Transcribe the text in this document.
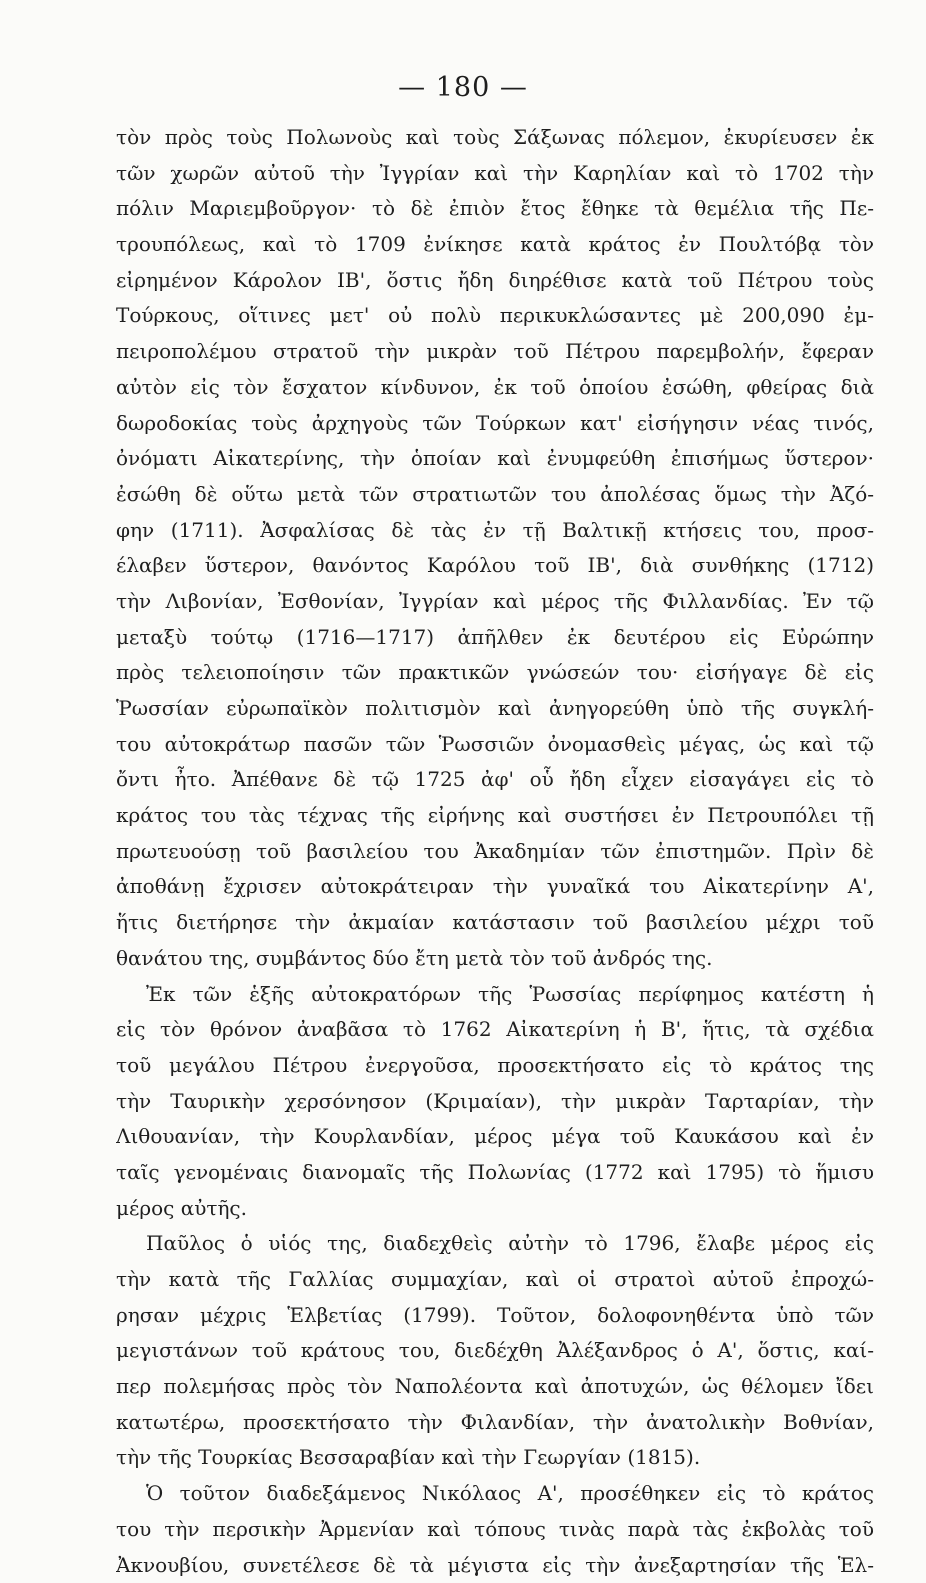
— 180 —
τὸν πρὸς τοὺς Πολωνοὺς καὶ τοὺς Σάξωνας πόλεμον, ἐκυρίευσεν ἐκ
τῶν χωρῶν αὐτοῦ τὴν Ἰγγρίαν καὶ τὴν Καρηλίαν καὶ τὸ 1702 τὴν
πόλιν Μαριεμβοῦργον· τὸ δὲ ἐπιὸν ἔτος ἔθηκε τὰ θεμέλια τῆς Πε-
τρουπόλεως, καὶ τὸ 1709 ἐνίκησε κατὰ κράτος ἐν Πουλτόβᾳ τὸν
εἰρημένον Κάρολον ΙΒ', ὅστις ἤδη διηρέθισε κατὰ τοῦ Πέτρου τοὺς
Τούρκους, οἵτινες μετ' οὐ πολὺ περικυκλώσαντες μὲ 200,090 ἐμ-
πειροπολέμου στρατοῦ τὴν μικρὰν τοῦ Πέτρου παρεμβολήν, ἔφεραν
αὐτὸν εἰς τὸν ἔσχατον κίνδυνον, ἐκ τοῦ ὁποίου ἐσώθη, φθείρας διὰ
δωροδοκίας τοὺς ἀρχηγοὺς τῶν Τούρκων κατ' εἰσήγησιν νέας τινός,
ὀνόματι Αἰκατερίνης, τὴν ὁποίαν καὶ ἐνυμφεύθη ἐπισήμως ὕστερον·
ἐσώθη δὲ οὕτω μετὰ τῶν στρατιωτῶν του ἀπολέσας ὅμως τὴν Ἀζό-
φην (1711). Ἀσφαλίσας δὲ τὰς ἐν τῇ Βαλτικῇ κτήσεις του, προσ-
έλαβεν ὕστερον, θανόντος Καρόλου τοῦ ΙΒ', διὰ συνθήκης (1712)
τὴν Λιβονίαν, Ἐσθονίαν, Ἰγγρίαν καὶ μέρος τῆς Φιλλανδίας. Ἐν τῷ
μεταξὺ τούτῳ (1716—1717) ἀπῆλθεν ἐκ δευτέρου εἰς Εὐρώπην
πρὸς τελειοποίησιν τῶν πρακτικῶν γνώσεών του· εἰσήγαγε δὲ εἰς
Ῥωσσίαν εὐρωπαϊκὸν πολιτισμὸν καὶ ἀνηγορεύθη ὑπὸ τῆς συγκλή-
του αὐτοκράτωρ πασῶν τῶν Ῥωσσιῶν ὀνομασθεὶς μέγας, ὡς καὶ τῷ
ὄντι ἦτο. Ἀπέθανε δὲ τῷ 1725 ἀφ' οὗ ἤδη εἶχεν εἰσαγάγει εἰς τὸ
κράτος του τὰς τέχνας τῆς εἰρήνης καὶ συστήσει ἐν Πετρουπόλει τῇ
πρωτευούσῃ τοῦ βασιλείου του Ἀκαδημίαν τῶν ἐπιστημῶν. Πρὶν δὲ
ἀποθάνῃ ἔχρισεν αὐτοκράτειραν τὴν γυναῖκά του Αἰκατερίνην Α',
ἥτις διετήρησε τὴν ἀκμαίαν κατάστασιν τοῦ βασιλείου μέχρι τοῦ
θανάτου της, συμβάντος δύο ἔτη μετὰ τὸν τοῦ ἀνδρός της.
Ἐκ τῶν ἑξῆς αὐτοκρατόρων τῆς Ῥωσσίας περίφημος κατέστη ἡ
εἰς τὸν θρόνον ἀναβᾶσα τὸ 1762 Αἰκατερίνη ἡ Β', ἥτις, τὰ σχέδια
τοῦ μεγάλου Πέτρου ἐνεργοῦσα, προσεκτήσατο εἰς τὸ κράτος της
τὴν Ταυρικὴν χερσόνησον (Κριμαίαν), τὴν μικρὰν Ταρταρίαν, τὴν
Λιθουανίαν, τὴν Κουρλανδίαν, μέρος μέγα τοῦ Καυκάσου καὶ ἐν
ταῖς γενομέναις διανομαῖς τῆς Πολωνίας (1772 καὶ 1795) τὸ ἥμισυ
μέρος αὐτῆς.
Παῦλος ὁ υἱός της, διαδεχθεὶς αὐτὴν τὸ 1796, ἔλαβε μέρος εἰς
τὴν κατὰ τῆς Γαλλίας συμμαχίαν, καὶ οἱ στρατοὶ αὐτοῦ ἐπροχώ-
ρησαν μέχρις Ἑλβετίας (1799). Τοῦτον, δολοφονηθέντα ὑπὸ τῶν
μεγιστάνων τοῦ κράτους του, διεδέχθη Ἀλέξανδρος ὁ Α', ὅστις, καί-
περ πολεμήσας πρὸς τὸν Ναπολέοντα καὶ ἀποτυχών, ὡς θέλομεν ἴδει
κατωτέρω, προσεκτήσατο τὴν Φιλανδίαν, τὴν ἀνατολικὴν Βοθνίαν,
τὴν τῆς Τουρκίας Βεσσαραβίαν καὶ τὴν Γεωργίαν (1815).
Ὁ τοῦτον διαδεξάμενος Νικόλαος Α', προσέθηκεν εἰς τὸ κράτος
του τὴν περσικὴν Ἀρμενίαν καὶ τόπους τινὰς παρὰ τὰς ἐκβολὰς τοῦ
Ἀκνουβίου, συνετέλεσε δὲ τὰ μέγιστα εἰς τὴν ἀνεξαρτησίαν τῆς Ἑλ-
